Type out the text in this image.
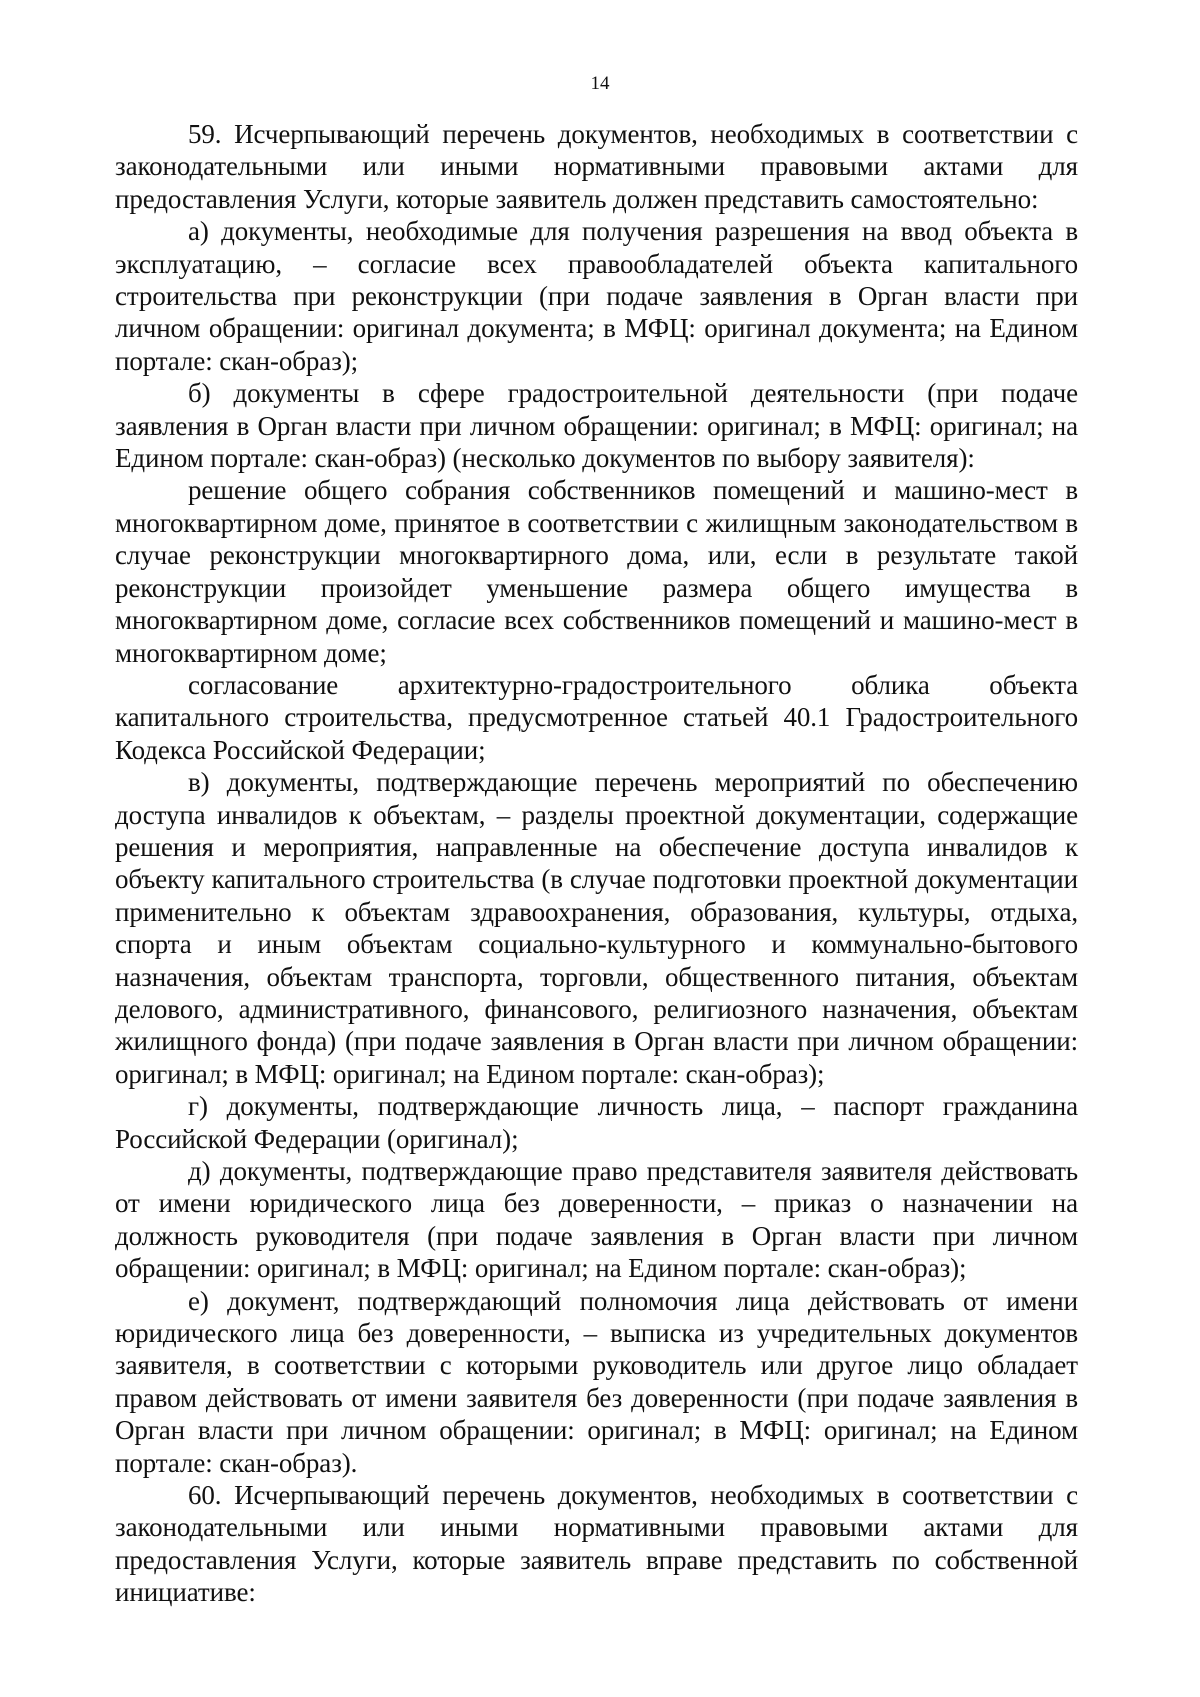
14

59. Исчерпывающий перечень документов, необходимых в соответствии с законодательными или иными нормативными правовыми актами для предоставления Услуги, которые заявитель должен представить самостоятельно:

а) документы, необходимые для получения разрешения на ввод объекта в эксплуатацию, – согласие всех правообладателей объекта капитального строительства при реконструкции (при подаче заявления в Орган власти при личном обращении: оригинал документа; в МФЦ: оригинал документа; на Едином портале: скан-образ);

б) документы в сфере градостроительной деятельности (при подаче заявления в Орган власти при личном обращении: оригинал; в МФЦ: оригинал; на Едином портале: скан-образ) (несколько документов по выбору заявителя):

решение общего собрания собственников помещений и машино-мест в многоквартирном доме, принятое в соответствии с жилищным законодательством в случае реконструкции многоквартирного дома, или, если в результате такой реконструкции произойдет уменьшение размера общего имущества в многоквартирном доме, согласие всех собственников помещений и машино-мест в многоквартирном доме;

согласование архитектурно-градостроительного облика объекта капитального строительства, предусмотренное статьей 40.1 Градостроительного Кодекса Российской Федерации;

в) документы, подтверждающие перечень мероприятий по обеспечению доступа инвалидов к объектам, – разделы проектной документации, содержащие решения и мероприятия, направленные на обеспечение доступа инвалидов к объекту капитального строительства (в случае подготовки проектной документации применительно к объектам здравоохранения, образования, культуры, отдыха, спорта и иным объектам социально-культурного и коммунально-бытового назначения, объектам транспорта, торговли, общественного питания, объектам делового, административного, финансового, религиозного назначения, объектам жилищного фонда) (при подаче заявления в Орган власти при личном обращении: оригинал; в МФЦ: оригинал; на Едином портале: скан-образ);

г) документы, подтверждающие личность лица, – паспорт гражданина Российской Федерации (оригинал);

д) документы, подтверждающие право представителя заявителя действовать от имени юридического лица без доверенности, – приказ о назначении на должность руководителя (при подаче заявления в Орган власти при личном обращении: оригинал; в МФЦ: оригинал; на Едином портале: скан-образ);

е) документ, подтверждающий полномочия лица действовать от имени юридического лица без доверенности, – выписка из учредительных документов заявителя, в соответствии с которыми руководитель или другое лицо обладает правом действовать от имени заявителя без доверенности (при подаче заявления в Орган власти при личном обращении: оригинал; в МФЦ: оригинал; на Едином портале: скан-образ).

60. Исчерпывающий перечень документов, необходимых в соответствии с законодательными или иными нормативными правовыми актами для предоставления Услуги, которые заявитель вправе представить по собственной инициативе:
